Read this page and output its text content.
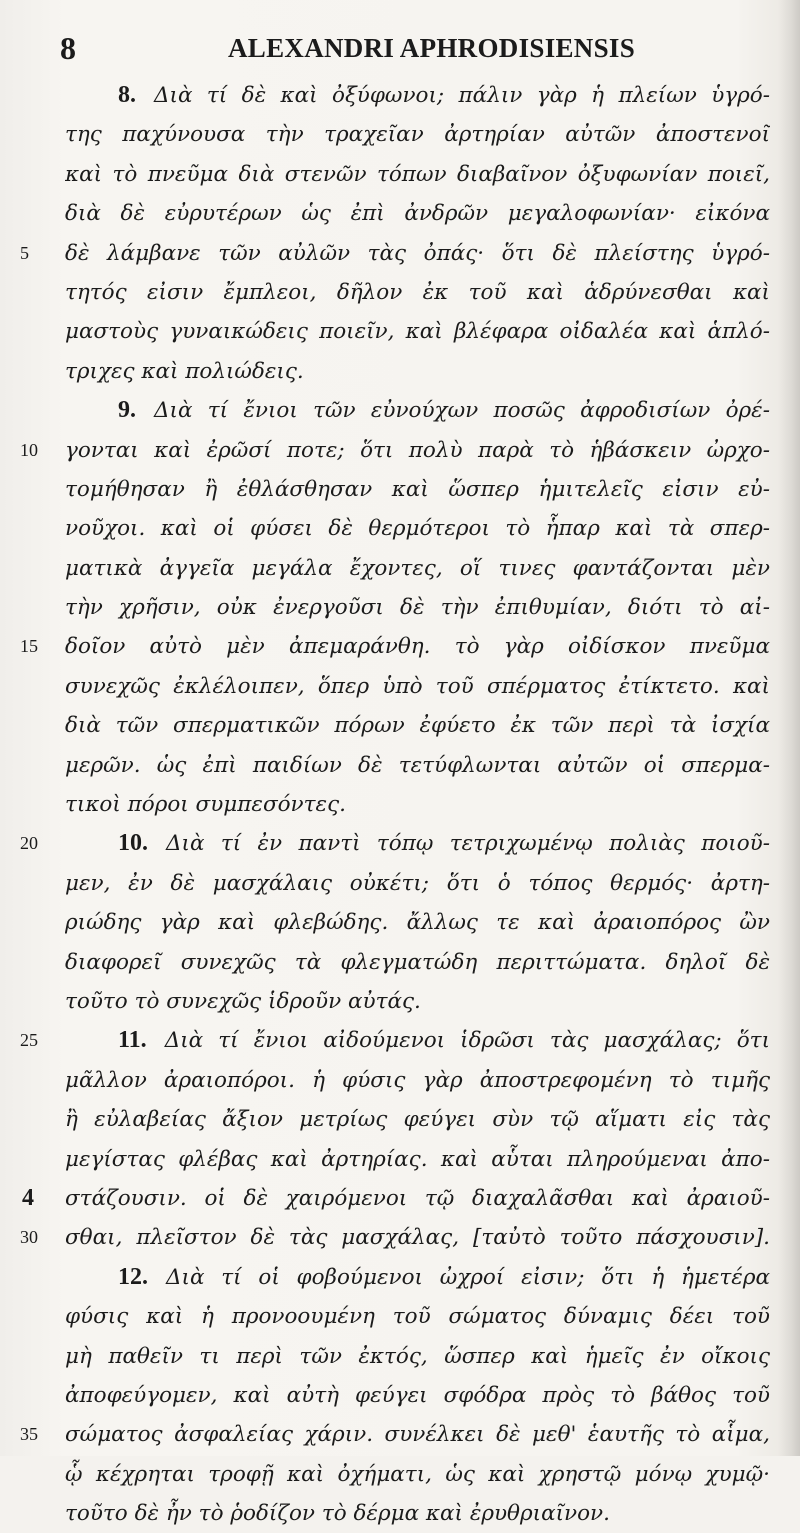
8	ALEXANDRI APHRODISIENSIS
8. Διὰ τί δὲ καὶ ὀξύφωνοι; πάλιν γὰρ ἡ πλείων ὑγρό-
της παχύνουσα τὴν τραχεῖαν ἀρτηρίαν αὐτῶν ἀποστενοῖ
καὶ τὸ πνεῦμα διὰ στενῶν τόπων διαβαῖνον ὀξυφωνίαν ποιεῖ,
διὰ δὲ εὐρυτέρων ὡς ἐπὶ ἀνδρῶν μεγαλοφωνίαν· εἰκόνα
5	δὲ λάμβανε τῶν αὐλῶν τὰς ὀπάς· ὅτι δὲ πλείστης ὑγρό-
τητός εἰσιν ἔμπλεοι, δῆλον ἐκ τοῦ καὶ ἁδρύνεσθαι καὶ
μαστοὺς γυναικώδεις ποιεῖν, καὶ βλέφαρα οἰδαλέα καὶ ἁπλό-
τριχες καὶ πολιώδεις.
9. Διὰ τί ἔνιοι τῶν εὐνούχων ποσῶς ἀφροδισίων ὀρέ-
10	γονται καὶ ἐρῶσί ποτε; ὅτι πολὺ παρὰ τὸ ἡβάσκειν ὠρχο-
τομήθησαν ἢ ἐθλάσθησαν καὶ ὥσπερ ἡμιτελεῖς εἰσιν εὐ-
νοῦχοι. καὶ οἱ φύσει δὲ θερμότεροι τὸ ἧπαρ καὶ τὰ σπερ-
ματικὰ ἀγγεῖα μεγάλα ἔχοντες, οἵ τινες φαντάζονται μὲν
τὴν χρῆσιν, οὐκ ἐνεργοῦσι δὲ τὴν ἐπιθυμίαν, διότι τὸ αἰ-
15	δοῖον αὐτὸ μὲν ἀπεμαράνθη. τὸ γὰρ οἰδίσκον πνεῦμα
συνεχῶς ἐκλέλοιπεν, ὅπερ ὑπὸ τοῦ σπέρματος ἐτίκτετο. καὶ
διὰ τῶν σπερματικῶν πόρων ἐφύετο ἐκ τῶν περὶ τὰ ἰσχία
μερῶν. ὡς ἐπὶ παιδίων δὲ τετύφλωνται αὐτῶν οἱ σπερμα-
τικοὶ πόροι συμπεσόντες.
20	10. Διὰ τί ἐν παντὶ τόπῳ τετριχωμένῳ πολιὰς ποιοῦ-
μεν, ἐν δὲ μασχάλαις οὐκέτι; ὅτι ὁ τόπος θερμός· ἀρτη-
ριώδης γὰρ καὶ φλεβώδης. ἄλλως τε καὶ ἀραιοπόρος ὢν
διαφορεῖ συνεχῶς τὰ φλεγματώδη περιττώματα. δηλοῖ δὲ
τοῦτο τὸ συνεχῶς ἱδροῦν αὐτάς.
25	11. Διὰ τί ἔνιοι αἰδούμενοι ἱδρῶσι τὰς μασχάλας; ὅτι
μᾶλλον ἀραιοπόροι. ἡ φύσις γὰρ ἀποστρεφομένη τὸ τιμῆς
ἢ εὐλαβείας ἄξιον μετρίως φεύγει σὺν τῷ αἵματι εἰς τὰς
μεγίστας φλέβας καὶ ἀρτηρίας. καὶ αὗται πληρούμεναι ἀπο-
4	στάζουσιν. οἱ δὲ χαιρόμενοι τῷ διαχαλᾶσθαι καὶ ἀραιοῦ-
30	σθαι, πλεῖστον δὲ τὰς μασχάλας, [ταὐτὸ τοῦτο πάσχουσιν].
12. Διὰ τί οἱ φοβούμενοι ὠχροί εἰσιν; ὅτι ἡ ἡμετέρα
φύσις καὶ ἡ προνοουμένη τοῦ σώματος δύναμις δέει τοῦ
μὴ παθεῖν τι περὶ τῶν ἐκτός, ὥσπερ καὶ ἡμεῖς ἐν οἴκοις
ἀποφεύγομεν, καὶ αὐτὴ φεύγει σφόδρα πρὸς τὸ βάθος τοῦ
35	σώματος ἀσφαλείας χάριν. συνέλκει δὲ μεθ' ἑαυτῆς τὸ αἷμα,
ᾧ κέχρηται τροφῇ καὶ ὀχήματι, ὡς καὶ χρηστῷ μόνῳ χυμῷ·
τοῦτο δὲ ἦν τὸ ῥοδίζον τὸ δέρμα καὶ ἐρυθριαῖνον.
